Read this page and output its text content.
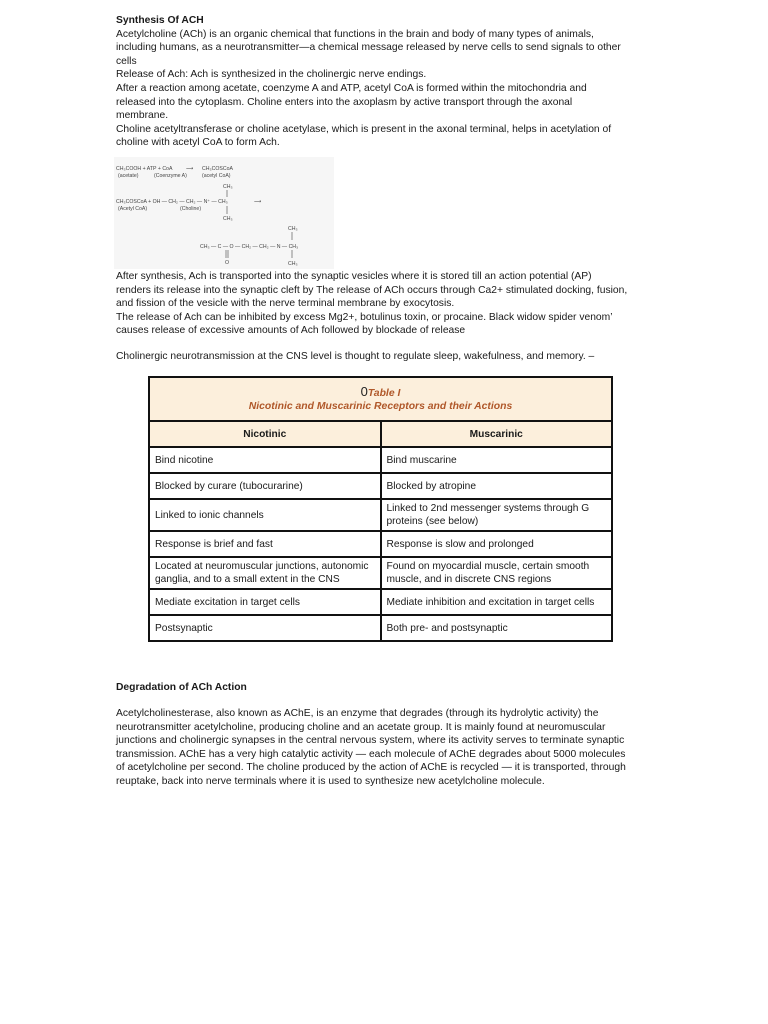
Synthesis Of ACH
Acetylcholine (ACh) is an organic chemical that functions in the brain and body of many types of animals,
including humans, as a neurotransmitter—a chemical message released by nerve cells to send signals to other
cells
Release of Ach: Ach is synthesized in the cholinergic nerve endings.
After a reaction among acetate, coenzyme A and ATP, acetyl CoA is formed within the mitochondria and
released into the cytoplasm. Choline enters into the axoplasm by active transport through the axonal
membrane.
Choline acetyltransferase or choline acetylase, which is present in the axonal terminal, helps in acetylation of
choline with acetyl CoA to form Ach.
CH₃COOH + ATP + CoA	⟶ CH₃COSCoA
(acetate)	(Coenzyme A)	(acetyl CoA)
CH₃
CH₃COSCoA + OH — CH₂ — CH₂ — N⁺ — CH₃	⟶
(Acetyl CoA)	(Choline)
CH₃
CH₃
CH₃ — C — O — CH₂ — CH₂ — N — CH₃
O	CH₃
After synthesis, Ach is transported into the synaptic vesicles where it is stored till an action potential (AP)
renders its release into the synaptic cleft by The release of ACh occurs through Ca2+ stimulated docking, fusion,
and fission of the vesicle with the nerve terminal membrane by exocytosis.
The release of Ach can be inhibited by excess Mg2+, botulinus toxin, or procaine. Black widow spider venom’
causes release of excessive amounts of Ach followed by blockade of release
Cholinergic neurotransmission at the CNS level is thought to regulate sleep, wakefulness, and memory. –
0Table I
Nicotinic and Muscarinic Receptors and their Actions	
Nicotinic	Muscarinic
Bind nicotine	Bind muscarine
Blocked by curare (tubocurarine)	Blocked by atropine
Linked to ionic channels	Linked to 2nd messenger systems through G proteins (see below)
Response is brief and fast	Response is slow and prolonged
Located at neuromuscular junctions, autonomic ganglia, and to a small extent in the CNS	Found on myocardial muscle, certain smooth muscle, and in discrete CNS regions
Mediate excitation in target cells	Mediate inhibition and excitation in target cells
Postsynaptic	Both pre- and postsynaptic
Degradation of ACh Action
Acetylcholinesterase, also known as AChE, is an enzyme that degrades (through its hydrolytic activity) the
neurotransmitter acetylcholine, producing choline and an acetate group. It is mainly found at neuromuscular
junctions and cholinergic synapses in the central nervous system, where its activity serves to terminate synaptic
transmission. AChE has a very high catalytic activity — each molecule of AChE degrades about 5000 molecules
of acetylcholine per second. The choline produced by the action of AChE is recycled — it is transported, through
reuptake, back into nerve terminals where it is used to synthesize new acetylcholine molecule.
